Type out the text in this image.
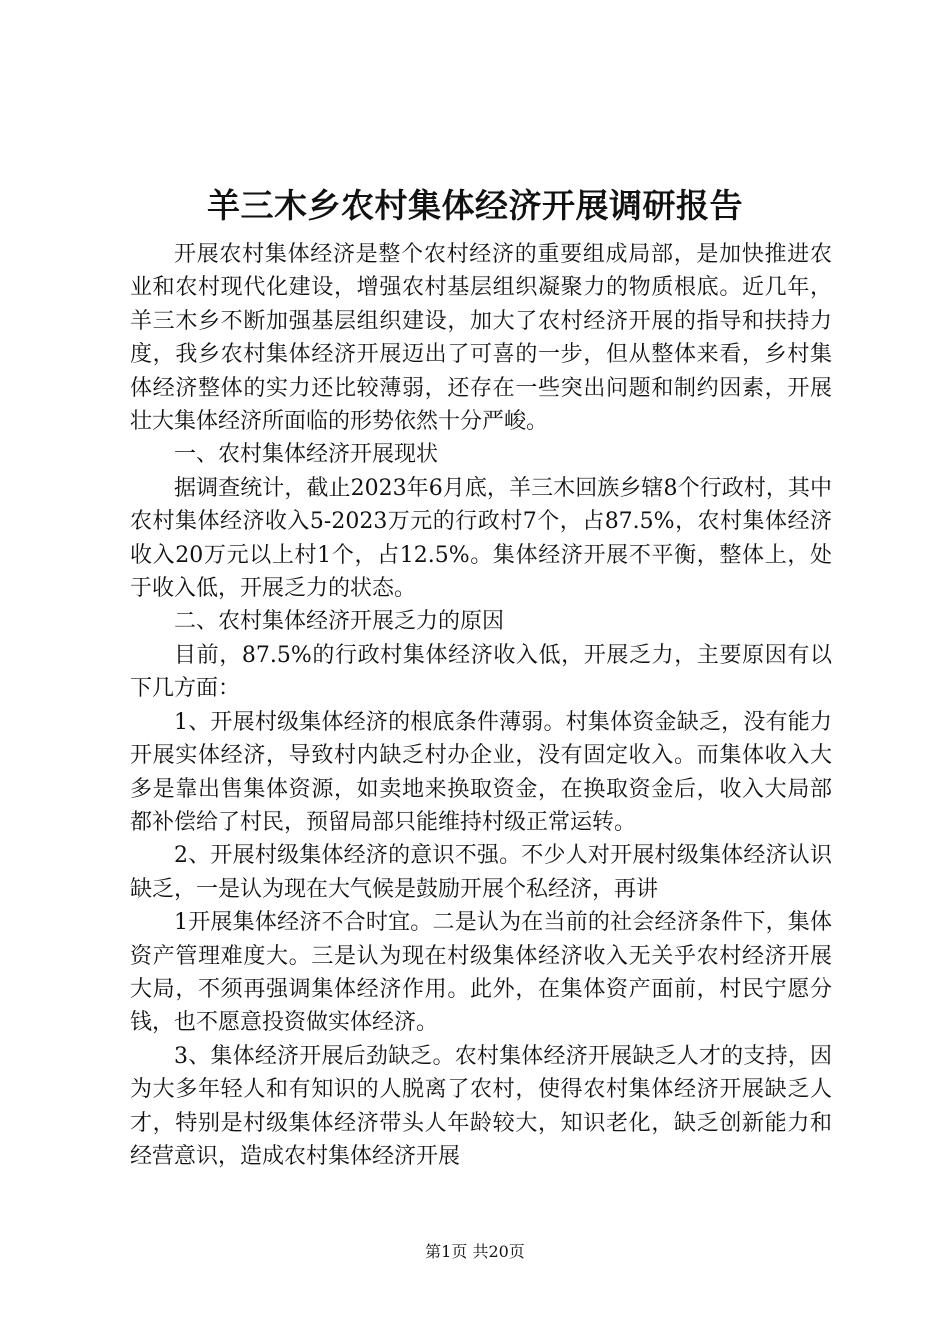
羊三木乡农村集体经济开展调研报告

开展农村集体经济是整个农村经济的重要组成局部，是加快推进农业和农村现代化建设，增强农村基层组织凝聚力的物质根底。近几年，羊三木乡不断加强基层组织建设，加大了农村经济开展的指导和扶持力度，我乡农村集体经济开展迈出了可喜的一步，但从整体来看，乡村集体经济整体的实力还比较薄弱，还存在一些突出问题和制约因素，开展壮大集体经济所面临的形势依然十分严峻。

一、农村集体经济开展现状

据调查统计，截止2023年6月底，羊三木回族乡辖8个行政村，其中农村集体经济收入5-2023万元的行政村7个，占87.5%，农村集体经济收入20万元以上村1个，占12.5%。集体经济开展不平衡，整体上，处于收入低，开展乏力的状态。

二、农村集体经济开展乏力的原因

目前，87.5%的行政村集体经济收入低，开展乏力，主要原因有以下几方面：

1、开展村级集体经济的根底条件薄弱。村集体资金缺乏，没有能力开展实体经济，导致村内缺乏村办企业，没有固定收入。而集体收入大多是靠出售集体资源，如卖地来换取资金，在换取资金后，收入大局部都补偿给了村民，预留局部只能维持村级正常运转。

2、开展村级集体经济的意识不强。不少人对开展村级集体经济认识缺乏，一是认为现在大气候是鼓励开展个私经济，再讲

1开展集体经济不合时宜。二是认为在当前的社会经济条件下，集体资产管理难度大。三是认为现在村级集体经济收入无关乎农村经济开展大局，不须再强调集体经济作用。此外，在集体资产面前，村民宁愿分钱，也不愿意投资做实体经济。

3、集体经济开展后劲缺乏。农村集体经济开展缺乏人才的支持，因为大多年轻人和有知识的人脱离了农村，使得农村集体经济开展缺乏人才，特别是村级集体经济带头人年龄较大，知识老化，缺乏创新能力和经营意识，造成农村集体经济开展

第1页 共20页
